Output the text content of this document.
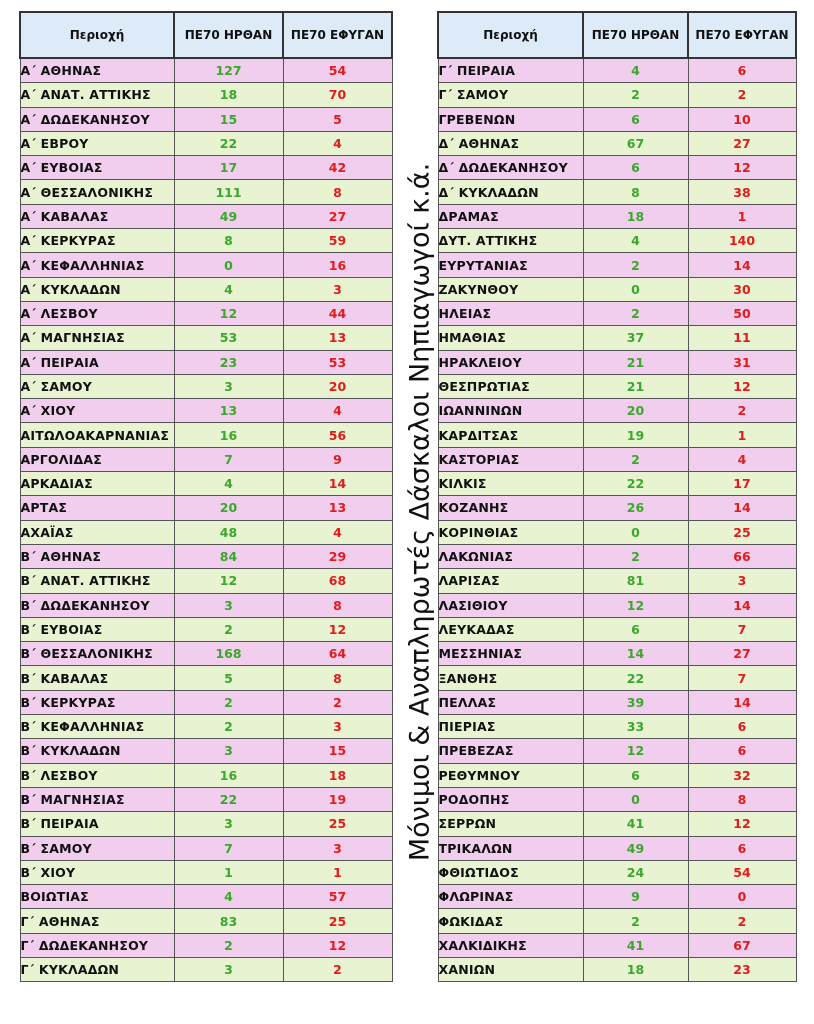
Περιοχή	ΠΕ70 ΗΡΘΑΝ	ΠΕ70 ΕΦΥΓΑΝ
Α΄ ΑΘΗΝΑΣ	127	54
Α΄ ΑΝΑΤ. ΑΤΤΙΚΗΣ	18	70
Α΄ ΔΩΔΕΚΑΝΗΣΟΥ	15	5
Α΄ ΕΒΡΟΥ	22	4
Α΄ ΕΥΒΟΙΑΣ	17	42
Α΄ ΘΕΣΣΑΛΟΝΙΚΗΣ	111	8
Α΄ ΚΑΒΑΛΑΣ	49	27
Α΄ ΚΕΡΚΥΡΑΣ	8	59
Α΄ ΚΕΦΑΛΛΗΝΙΑΣ	0	16
Α΄ ΚΥΚΛΑΔΩΝ	4	3
Α΄ ΛΕΣΒΟΥ	12	44
Α΄ ΜΑΓΝΗΣΙΑΣ	53	13
Α΄ ΠΕΙΡΑΙΑ	23	53
Α΄ ΣΑΜΟΥ	3	20
Α΄ ΧΙΟΥ	13	4
ΑΙΤΩΛΟΑΚΑΡΝΑΝΙΑΣ	16	56
ΑΡΓΟΛΙΔΑΣ	7	9
ΑΡΚΑΔΙΑΣ	4	14
ΑΡΤΑΣ	20	13
ΑΧΑΪΑΣ	48	4
Β΄ ΑΘΗΝΑΣ	84	29
Β΄ ΑΝΑΤ. ΑΤΤΙΚΗΣ	12	68
Β΄ ΔΩΔΕΚΑΝΗΣΟΥ	3	8
Β΄ ΕΥΒΟΙΑΣ	2	12
Β΄ ΘΕΣΣΑΛΟΝΙΚΗΣ	168	64
Β΄ ΚΑΒΑΛΑΣ	5	8
Β΄ ΚΕΡΚΥΡΑΣ	2	2
Β΄ ΚΕΦΑΛΛΗΝΙΑΣ	2	3
Β΄ ΚΥΚΛΑΔΩΝ	3	15
Β΄ ΛΕΣΒΟΥ	16	18
Β΄ ΜΑΓΝΗΣΙΑΣ	22	19
Β΄ ΠΕΙΡΑΙΑ	3	25
Β΄ ΣΑΜΟΥ	7	3
Β΄ ΧΙΟΥ	1	1
ΒΟΙΩΤΙΑΣ	4	57
Γ΄ ΑΘΗΝΑΣ	83	25
Γ΄ ΔΩΔΕΚΑΝΗΣΟΥ	2	12
Γ΄ ΚΥΚΛΑΔΩΝ	3	2
Περιοχή	ΠΕ70 ΗΡΘΑΝ	ΠΕ70 ΕΦΥΓΑΝ
Γ΄ ΠΕΙΡΑΙΑ	4	6
Γ΄ ΣΑΜΟΥ	2	2
ΓΡΕΒΕΝΩΝ	6	10
Δ΄ ΑΘΗΝΑΣ	67	27
Δ΄ ΔΩΔΕΚΑΝΗΣΟΥ	6	12
Δ΄ ΚΥΚΛΑΔΩΝ	8	38
ΔΡΑΜΑΣ	18	1
ΔΥΤ. ΑΤΤΙΚΗΣ	4	140
ΕΥΡΥΤΑΝΙΑΣ	2	14
ΖΑΚΥΝΘΟΥ	0	30
ΗΛΕΙΑΣ	2	50
ΗΜΑΘΙΑΣ	37	11
ΗΡΑΚΛΕΙΟΥ	21	31
ΘΕΣΠΡΩΤΙΑΣ	21	12
ΙΩΑΝΝΙΝΩΝ	20	2
ΚΑΡΔΙΤΣΑΣ	19	1
ΚΑΣΤΟΡΙΑΣ	2	4
ΚΙΛΚΙΣ	22	17
ΚΟΖΑΝΗΣ	26	14
ΚΟΡΙΝΘΙΑΣ	0	25
ΛΑΚΩΝΙΑΣ	2	66
ΛΑΡΙΣΑΣ	81	3
ΛΑΣΙΘΙΟΥ	12	14
ΛΕΥΚΑΔΑΣ	6	7
ΜΕΣΣΗΝΙΑΣ	14	27
ΞΑΝΘΗΣ	22	7
ΠΕΛΛΑΣ	39	14
ΠΙΕΡΙΑΣ	33	6
ΠΡΕΒΕΖΑΣ	12	6
ΡΕΘΥΜΝΟΥ	6	32
ΡΟΔΟΠΗΣ	0	8
ΣΕΡΡΩΝ	41	12
ΤΡΙΚΑΛΩΝ	49	6
ΦΘΙΩΤΙΔΟΣ	24	54
ΦΛΩΡΙΝΑΣ	9	0
ΦΩΚΙΔΑΣ	2	2
ΧΑΛΚΙΔΙΚΗΣ	41	67
ΧΑΝΙΩΝ	18	23
Μόνιμοι & Αναπληρωτές Δάσκαλοι Νηπιαγωγοί κ.ά.
